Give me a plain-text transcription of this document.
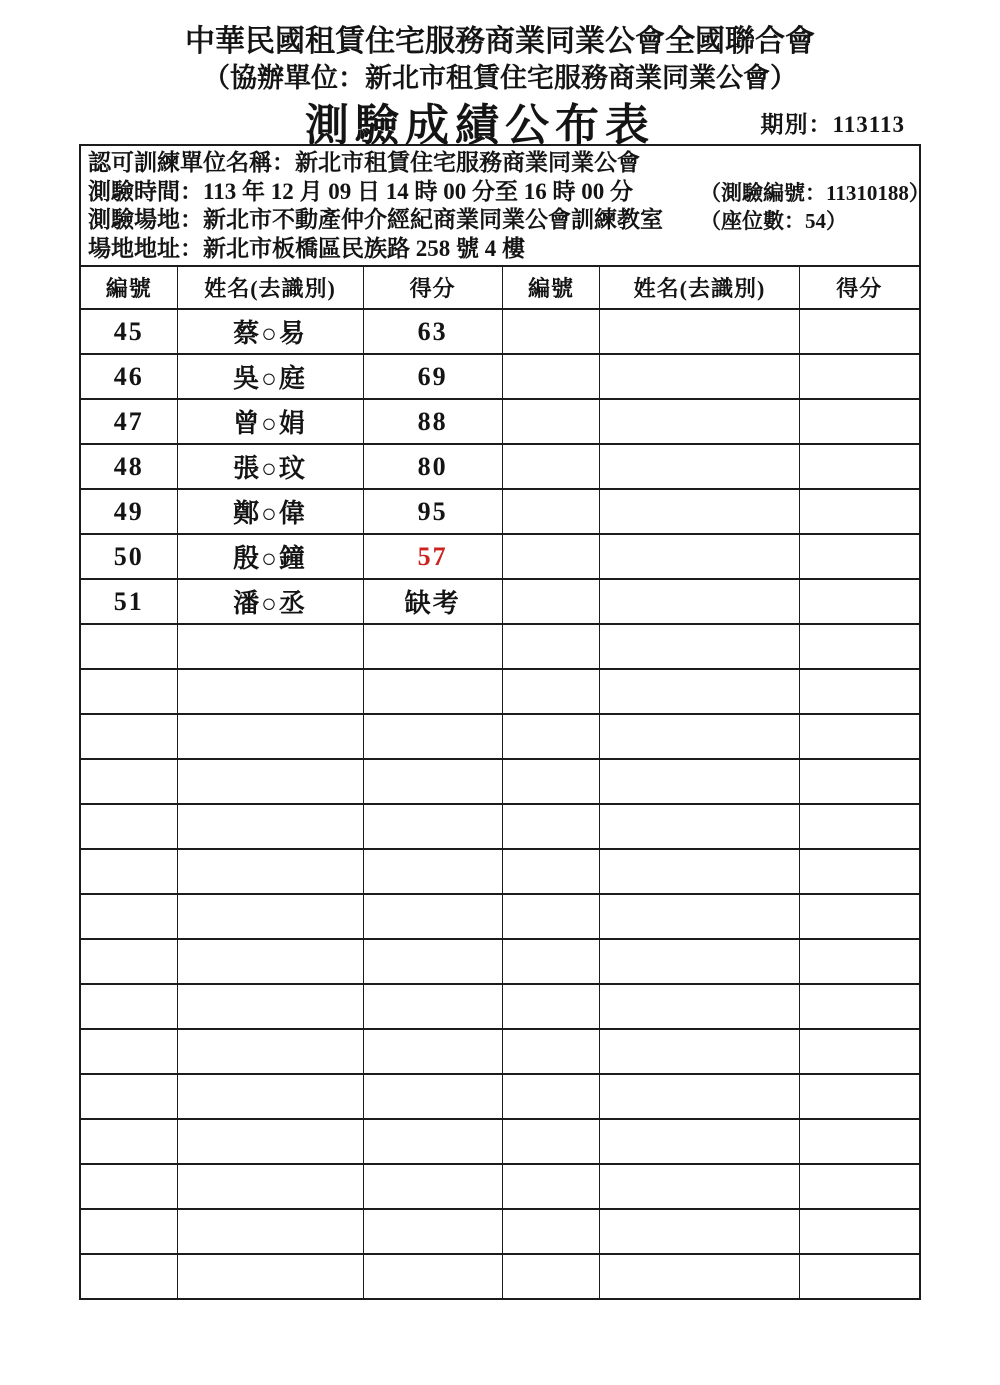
中華民國租賃住宅服務商業同業公會全國聯合會
（協辦單位：新北市租賃住宅服務商業同業公會）
測驗成績公布表	期別：113113
認可訓練單位名稱：新北市租賃住宅服務商業同業公會
測驗時間：113 年 12 月 09 日 14 時 00 分至 16 時 00 分	（測驗編號：11310188）
測驗場地：新北市不動產仲介經紀商業同業公會訓練教室 （座位數：54）
場地地址：新北市板橋區民族路 258 號 4 樓
編號	姓名(去識別)	得分	編號	姓名(去識別)	得分
45	蔡○易	63			
46	吳○庭	69			
47	曾○娟	88			
48	張○玟	80			
49	鄭○偉	95			
50	殷○鐘	57			
51	潘○丞	缺考			
